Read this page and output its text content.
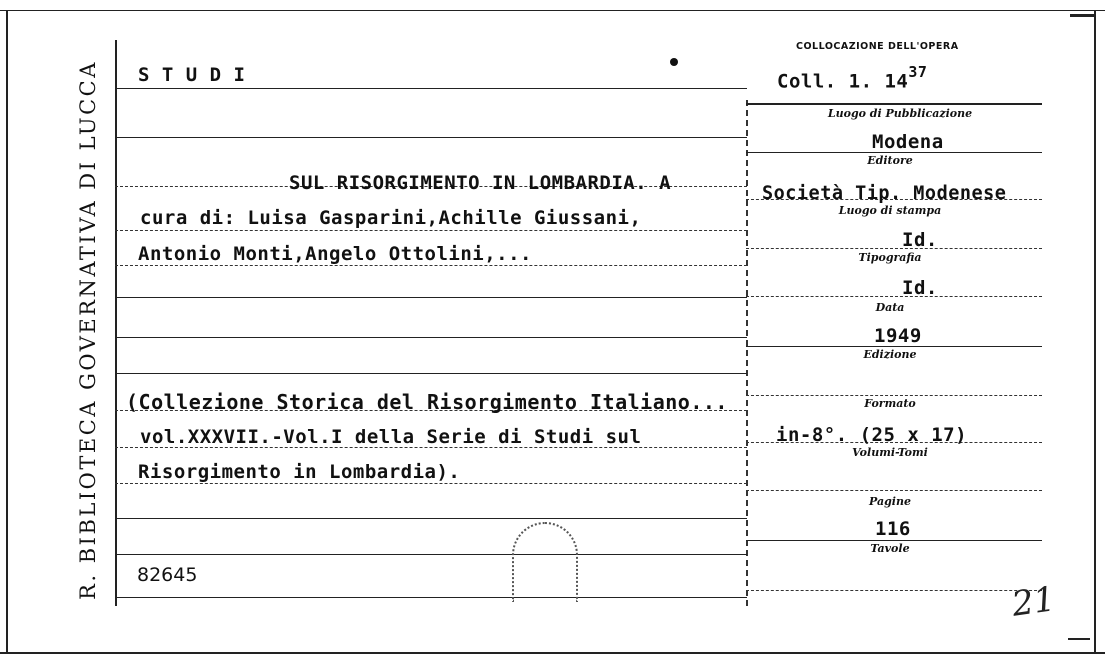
R. BIBLIOTECA GOVERNATIVA DI LUCCA S T U D I
COLLOCAZIONE DELL'OPERA
Coll. 1. $14^{37}$
SUL RISORGIMENTO IN LOMBARDIA. A
cura di: Luisa Gasparini,Achille Giussani,
Antonio Monti,Angelo Ottolini,...
(Collezione Storica del Risorgimento Italiano...
vol.XXXVII.-Vol.I della Serie di Studi sul
Risorgimento in Lombardia).
82645
Luogo di Pubblicazione
Modena
Editore
Società Tip. Modenese
Luogo di stampa
Id.
Tipografia
Id.
Data
1949
Edizione
Formato
in-8°. (25 x 17)
Volumi-Tomi
Pagine
116
Tavole
21
